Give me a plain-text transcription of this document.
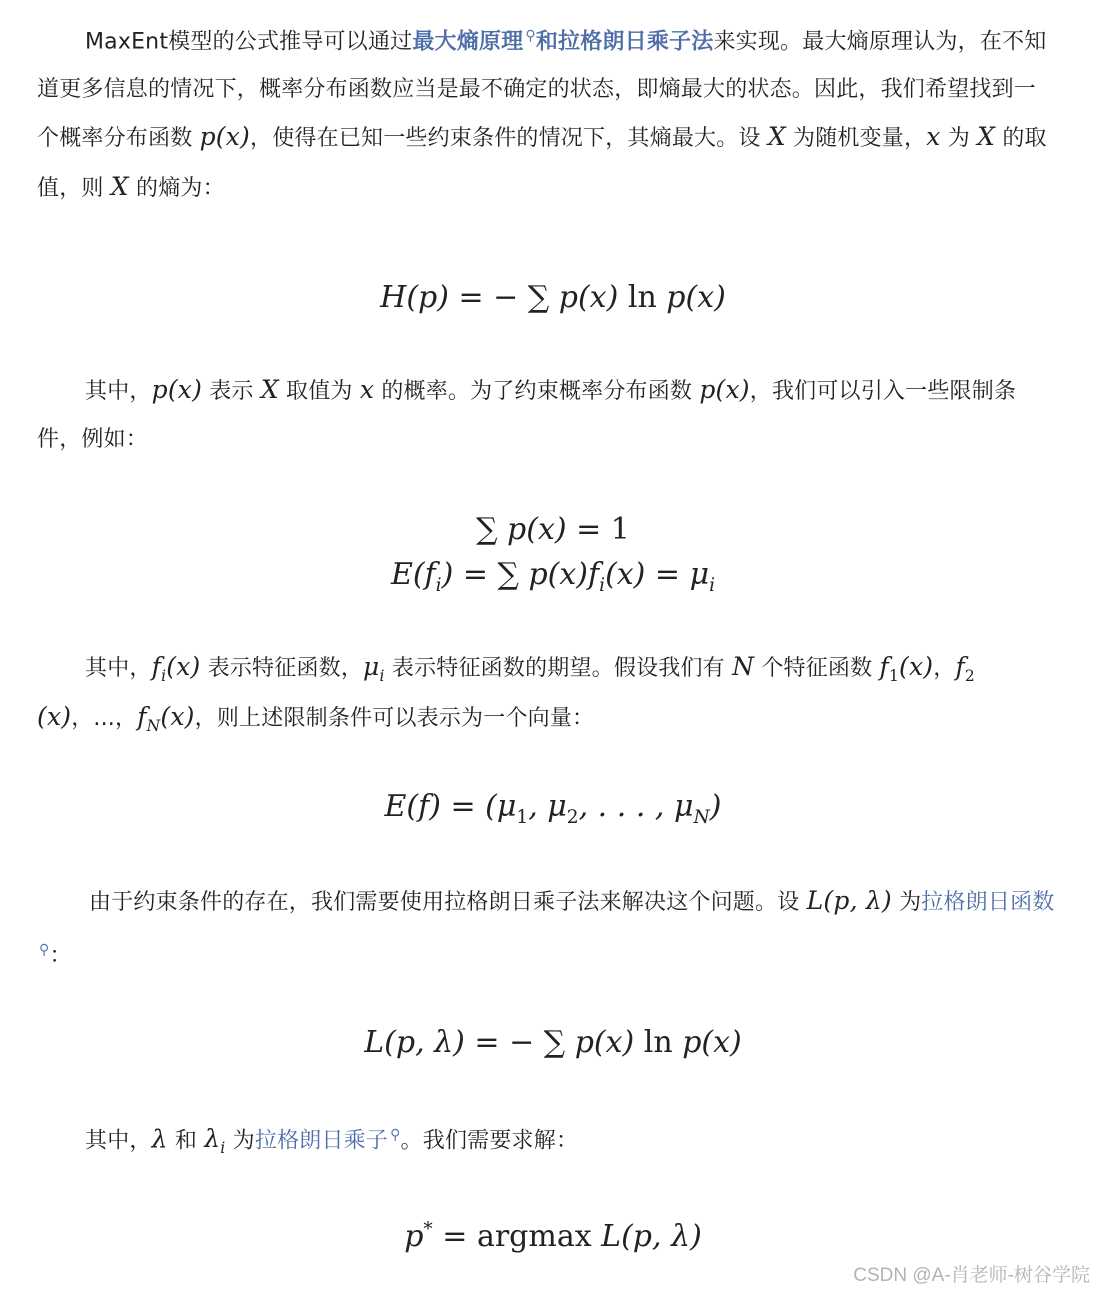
MaxEnt模型的公式推导可以通过最大熵原理 ⚲和拉格朗日乘子法来实现。最大熵原理认为，在不知道更多信息的情况下，概率分布函数应当是最不确定的状态，即熵最大的状态。因此，我们希望找到一个概率分布函数 p(x)，使得在已知一些约束条件的情况下，其熵最大。设 X 为随机变量，x 为 X 的取值，则 X 的熵为：

H(p) = − ∑ p(x) ln p(x)

其中，p(x) 表示 X 取值为 x 的概率。为了约束概率分布函数 p(x)，我们可以引入一些限制条件，例如：

∑ p(x) = 1
$E(f_i)$ = ∑ $p(x)f_i(x) = \mu_i$

其中，$f_i(x)$ 表示特征函数，$\mu_i$ 表示特征函数的期望。假设我们有 N 个特征函数 $f_1(x)$，$f_2(x)$，...，$f_N(x)$，则上述限制条件可以表示为一个向量：

$E(f) = (\mu_1$, $\mu_2$, . . . , $\mu_N$)

由于约束条件的存在，我们需要使用拉格朗日乘子法来解决这个问题。设 L(p, λ) 为拉格朗日函数⚲：

L(p, λ) = − ∑ p(x) ln p(x)

其中，λ 和 $\lambda_i$ 为拉格朗日乘子 ⚲。我们需要求解：

p* = argmax L(p, λ)
CSDN @A-肖老师-树谷学院
